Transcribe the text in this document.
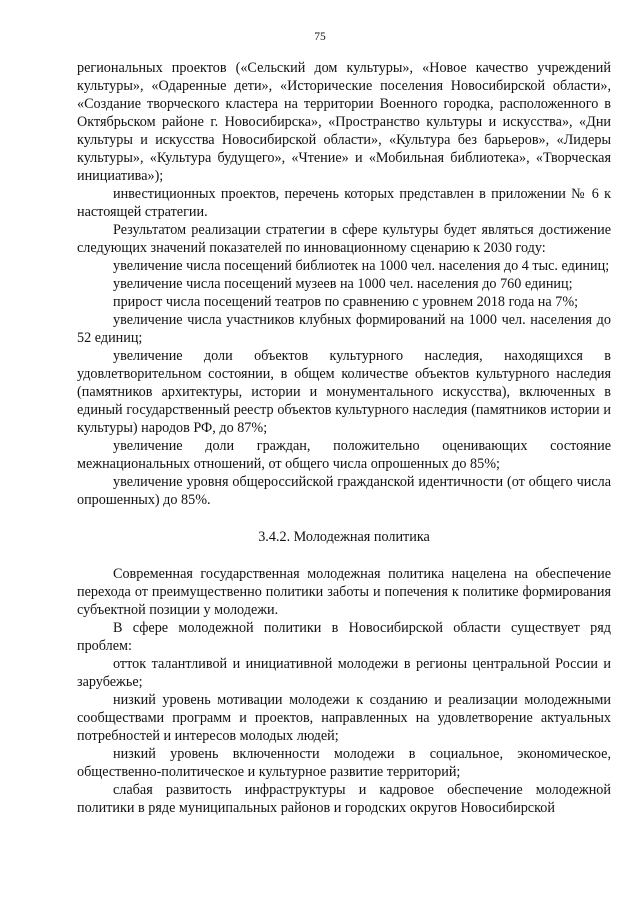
75

региональных проектов («Сельский дом культуры», «Новое качество учреждений культуры», «Одаренные дети», «Исторические поселения Новосибирской области», «Создание творческого кластера на территории Военного городка, расположенного в Октябрьском районе г. Новосибирска», «Пространство культуры и искусства», «Дни культуры и искусства Новосибирской области», «Культура без барьеров», «Лидеры культуры», «Культура будущего», «Чтение» и «Мобильная библиотека», «Творческая инициатива»);

инвестиционных проектов, перечень которых представлен в приложении № 6 к настоящей стратегии.

Результатом реализации стратегии в сфере культуры будет являться достижение следующих значений показателей по инновационному сценарию к 2030 году:

увеличение числа посещений библиотек на 1000 чел. населения до 4 тыс. единиц;

увеличение числа посещений музеев на 1000 чел. населения до 760 единиц;

прирост числа посещений театров по сравнению с уровнем 2018 года на 7%;

увеличение числа участников клубных формирований на 1000 чел. населения до 52 единиц;

увеличение доли объектов культурного наследия, находящихся в удовлетворительном состоянии, в общем количестве объектов культурного наследия (памятников архитектуры, истории и монументального искусства), включенных в единый государственный реестр объектов культурного наследия (памятников истории и культуры) народов РФ, до 87%;

увеличение доли граждан, положительно оценивающих состояние межнациональных отношений, от общего числа опрошенных до 85%;

увеличение уровня общероссийской гражданской идентичности (от общего числа опрошенных) до 85%.

3.4.2. Молодежная политика

Современная государственная молодежная политика нацелена на обеспечение перехода от преимущественно политики заботы и попечения к политике формирования субъектной позиции у молодежи.

В сфере молодежной политики в Новосибирской области существует ряд проблем:

отток талантливой и инициативной молодежи в регионы центральной России и зарубежье;

низкий уровень мотивации молодежи к созданию и реализации молодежными сообществами программ и проектов, направленных на удовлетворение актуальных потребностей и интересов молодых людей;

низкий уровень включенности молодежи в социальное, экономическое, общественно-политическое и культурное развитие территорий;

слабая развитость инфраструктуры и кадровое обеспечение молодежной политики в ряде муниципальных районов и городских округов Новосибирской
